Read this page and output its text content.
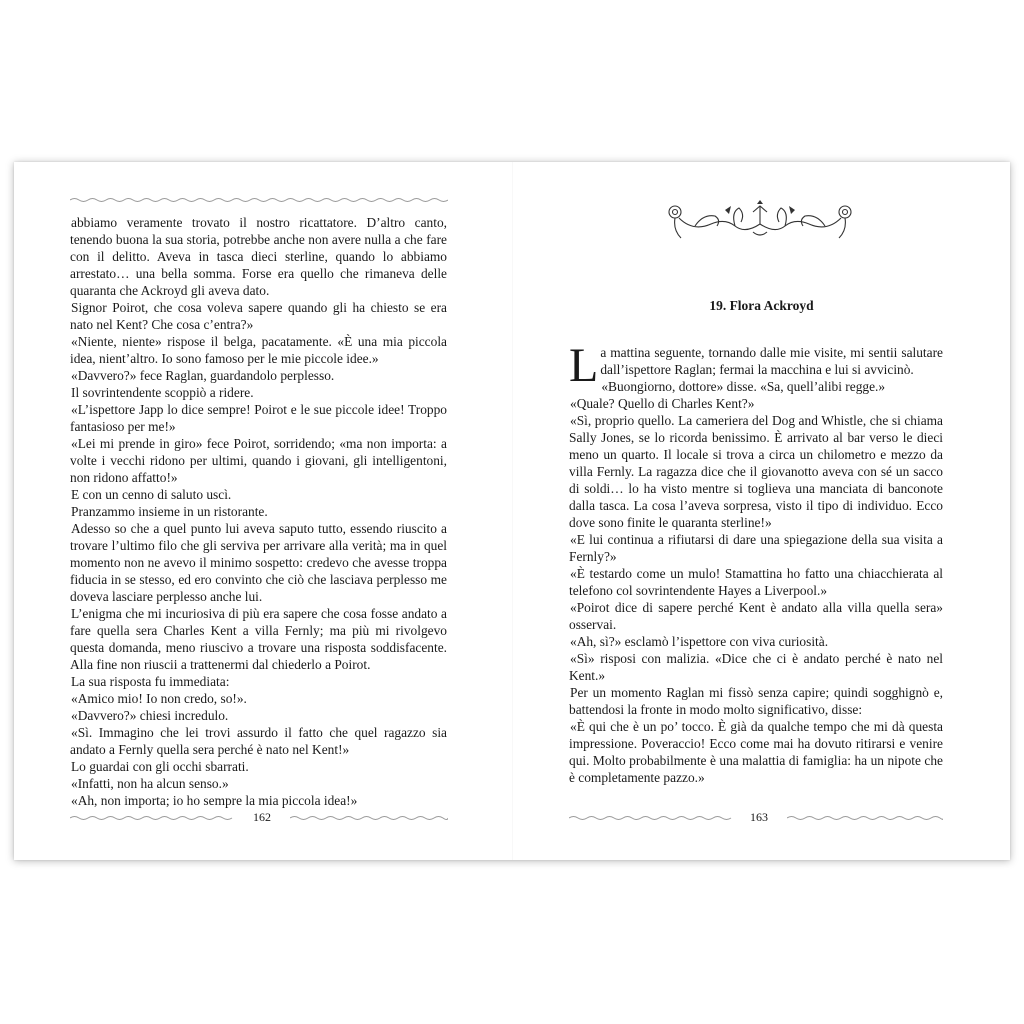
abbiamo veramente trovato il nostro ricattatore. D’altro canto, tenendo buona la sua storia, potrebbe anche non avere nulla a che fare con il delitto. Aveva in tasca dieci sterline, quando lo abbiamo arrestato… una bella somma. Forse era quello che rimaneva delle quaranta che Ackroyd gli aveva dato.

Signor Poirot, che cosa voleva sapere quando gli ha chiesto se era nato nel Kent? Che cosa c’entra?»

«Niente, niente» rispose il belga, pacatamente. «È una mia piccola idea, nient’altro. Io sono famoso per le mie piccole idee.»

«Davvero?» fece Raglan, guardandolo perplesso.

Il sovrintendente scoppiò a ridere.

«L’ispettore Japp lo dice sempre! Poirot e le sue piccole idee! Troppo fantasioso per me!»

«Lei mi prende in giro» fece Poirot, sorridendo; «ma non importa: a volte i vecchi ridono per ultimi, quando i giovani, gli intelligentoni, non ridono affatto!»

E con un cenno di saluto uscì.

Pranzammo insieme in un ristorante.

Adesso so che a quel punto lui aveva saputo tutto, essendo riuscito a trovare l’ultimo filo che gli serviva per arrivare alla verità; ma in quel momento non ne avevo il minimo sospetto: credevo che avesse troppa fiducia in se stesso, ed ero convinto che ciò che lasciava perplesso me doveva lasciare perplesso anche lui.

L’enigma che mi incuriosiva di più era sapere che cosa fosse andato a fare quella sera Charles Kent a villa Fernly; ma più mi rivolgevo questa domanda, meno riuscivo a trovare una risposta soddisfacente. Alla fine non riuscii a trattenermi dal chiederlo a Poirot.

La sua risposta fu immediata:

«Amico mio! Io non credo, so!».

«Davvero?» chiesi incredulo.

«Sì. Immagino che lei trovi assurdo il fatto che quel ragazzo sia andato a Fernly quella sera perché è nato nel Kent!»

Lo guardai con gli occhi sbarrati.

«Infatti, non ha alcun senso.»

«Ah, non importa; io ho sempre la mia piccola idea!»

162
19. Flora Ackroyd

La mattina seguente, tornando dalle mie visite, mi sentii salutare dall’ispettore Raglan; fermai la macchina e lui si avvicinò.

«Buongiorno, dottore» disse. «Sa, quell’alibi regge.»

«Quale? Quello di Charles Kent?»

«Sì, proprio quello. La cameriera del Dog and Whistle, che si chiama Sally Jones, se lo ricorda benissimo. È arrivato al bar verso le dieci meno un quarto. Il locale si trova a circa un chilometro e mezzo da villa Fernly. La ragazza dice che il giovanotto aveva con sé un sacco di soldi… lo ha visto mentre si toglieva una manciata di banconote dalla tasca. La cosa l’aveva sorpresa, visto il tipo di individuo. Ecco dove sono finite le quaranta sterline!»

«E lui continua a rifiutarsi di dare una spiegazione della sua visita a Fernly?»

«È testardo come un mulo! Stamattina ho fatto una chiacchierata al telefono col sovrintendente Hayes a Liverpool.»

«Poirot dice di sapere perché Kent è andato alla villa quella sera» osservai.

«Ah, sì?» esclamò l’ispettore con viva curiosità.

«Sì» risposi con malizia. «Dice che ci è andato perché è nato nel Kent.»

Per un momento Raglan mi fissò senza capire; quindi sogghignò e, battendosi la fronte in modo molto significativo, disse:

«È qui che è un po’ tocco. È già da qualche tempo che mi dà questa impressione. Poveraccio! Ecco come mai ha dovuto ritirarsi e venire qui. Molto probabilmente è una malattia di famiglia: ha un nipote che è completamente pazzo.»

163
